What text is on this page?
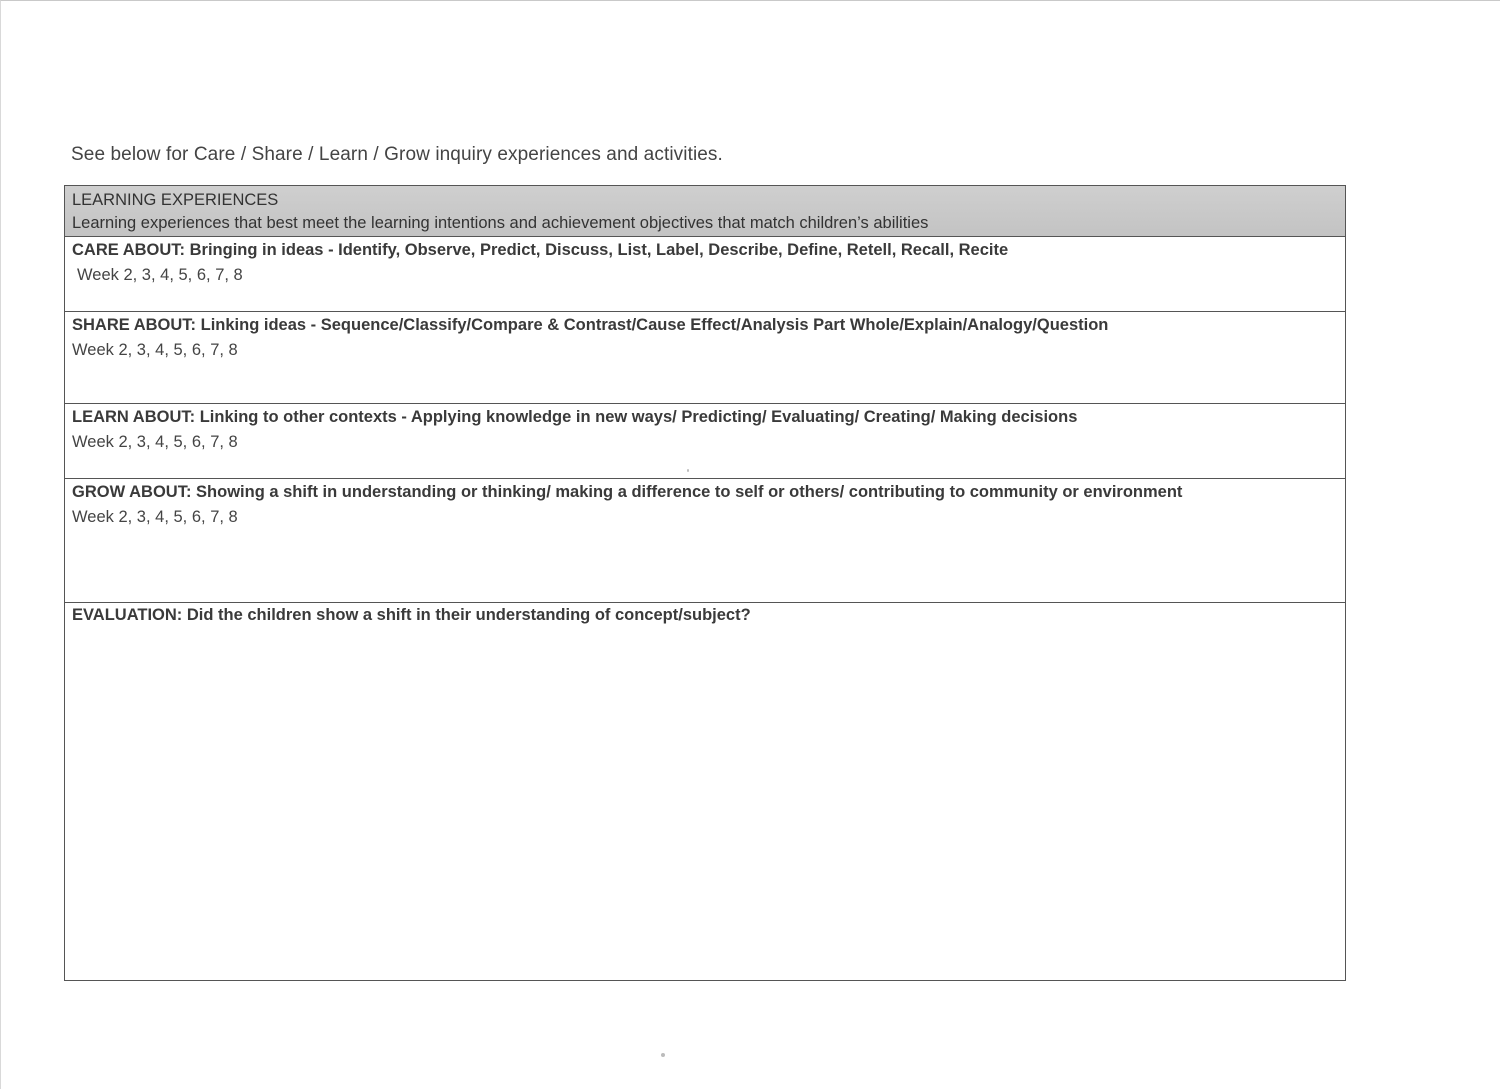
See below for Care / Share / Learn / Grow inquiry experiences and activities.
LEARNING EXPERIENCES
Learning experiences that best meet the learning intentions and achievement objectives that match children’s abilities
CARE ABOUT: Bringing in ideas - Identify, Observe, Predict, Discuss, List, Label, Describe, Define, Retell, Recall, Recite
Week 2, 3, 4, 5, 6, 7, 8
SHARE ABOUT: Linking ideas - Sequence/Classify/Compare & Contrast/Cause Effect/Analysis Part Whole/Explain/Analogy/Question
Week 2, 3, 4, 5, 6, 7, 8
LEARN ABOUT: Linking to other contexts - Applying knowledge in new ways/ Predicting/ Evaluating/ Creating/ Making decisions
Week 2, 3, 4, 5, 6, 7, 8
GROW ABOUT: Showing a shift in understanding or thinking/ making a difference to self or others/ contributing to community or environment
Week 2, 3, 4, 5, 6, 7, 8
EVALUATION: Did the children show a shift in their understanding of concept/subject?
